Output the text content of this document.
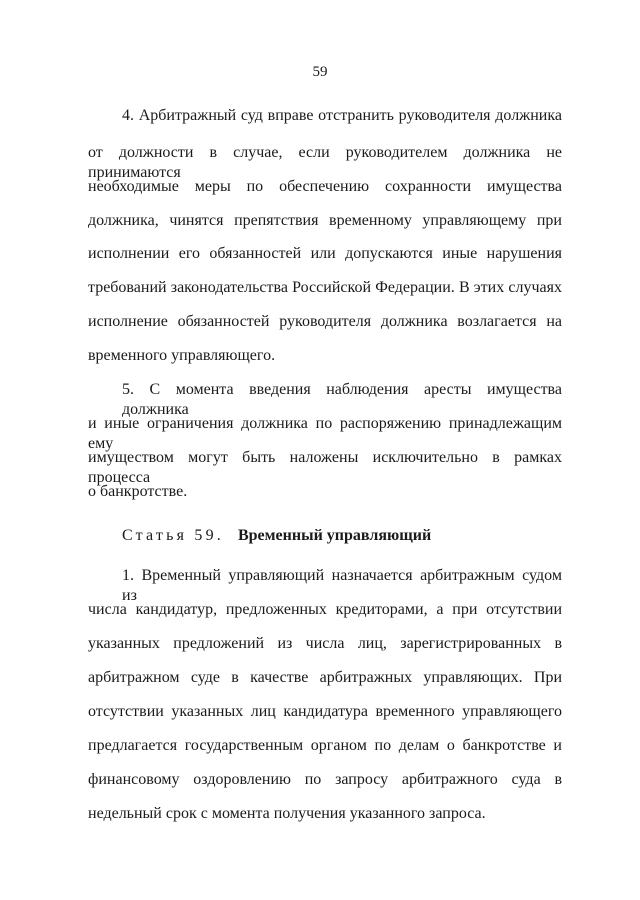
59
4. Арбитражный суд вправе отстранить руководителя должника
от должности в случае, если руководителем должника не принимаются
необходимые меры по обеспечению сохранности имущества
должника, чинятся препятствия временному управляющему при
исполнении его обязанностей или допускаются иные нарушения
требований законодательства Российской Федерации. В этих случаях
исполнение обязанностей руководителя должника возлагается на
временного управляющего.
5. С момента введения наблюдения аресты имущества должника
и иные ограничения должника по распоряжению принадлежащим ему
имуществом могут быть наложены исключительно в рамках процесса
о банкротстве.
Статья 59. Временный управляющий
1. Временный управляющий назначается арбитражным судом из
числа кандидатур, предложенных кредиторами, а при отсутствии
указанных предложений из числа лиц, зарегистрированных в
арбитражном суде в качестве арбитражных управляющих. При
отсутствии указанных лиц кандидатура временного управляющего
предлагается государственным органом по делам о банкротстве и
финансовому оздоровлению по запросу арбитражного суда в
недельный срок с момента получения указанного запроса.
